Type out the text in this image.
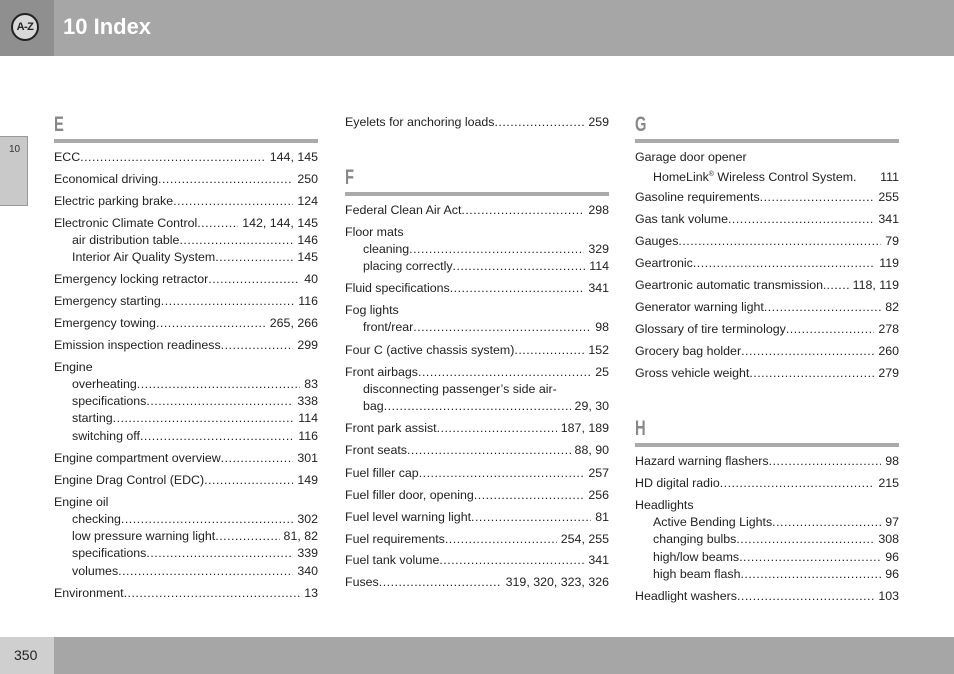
A-Z 10 Index
10
E
ECC .....	144, 145
Economical driving .....	250
Electric parking brake .....	124
Electronic Climate Control .....	142, 144, 145
air distribution table .....	146
Interior Air Quality System .....	145
Emergency locking retractor .....	40
Emergency starting .....	116
Emergency towing .....	265, 266
Emission inspection readiness .....	299
Engine
overheating .....	83
specifications .....	338
starting .....	114
switching off .....	116
Engine compartment overview .....	301
Engine Drag Control (EDC) .....	149
Engine oil
checking .....	302
low pressure warning light .....	81, 82
specifications .....	339
volumes .....	340
Environment .....	13
Eyelets for anchoring loads .....	259
F
Federal Clean Air Act .....	298
Floor mats
cleaning .....	329
placing correctly .....	114
Fluid specifications .....	341
Fog lights
front/rear .....	98
Four C (active chassis system) .....	152
Front airbags .....	25
disconnecting passenger’s side air-
bag .....	29, 30
Front park assist .....	187, 189
Front seats .....	88, 90
Fuel filler cap .....	257
Fuel filler door, opening .....	256
Fuel level warning light .....	81
Fuel requirements .....	254, 255
Fuel tank volume .....	341
Fuses .....	319, 320, 323, 326
G
Garage door opener
HomeLink® Wireless Control System. 111
Gasoline requirements .....	255
Gas tank volume .....	341
Gauges .....	79
Geartronic .....	119
Geartronic automatic transmission. ..... 118, 119
Generator warning light .....	82
Glossary of tire terminology .....	278
Grocery bag holder .....	260
Gross vehicle weight .....	279
H
Hazard warning flashers .....	98
HD digital radio .....	215
Headlights
Active Bending Lights .....	97
changing bulbs .....	308
high/low beams .....	96
high beam flash .....	96
Headlight washers .....	103
350
